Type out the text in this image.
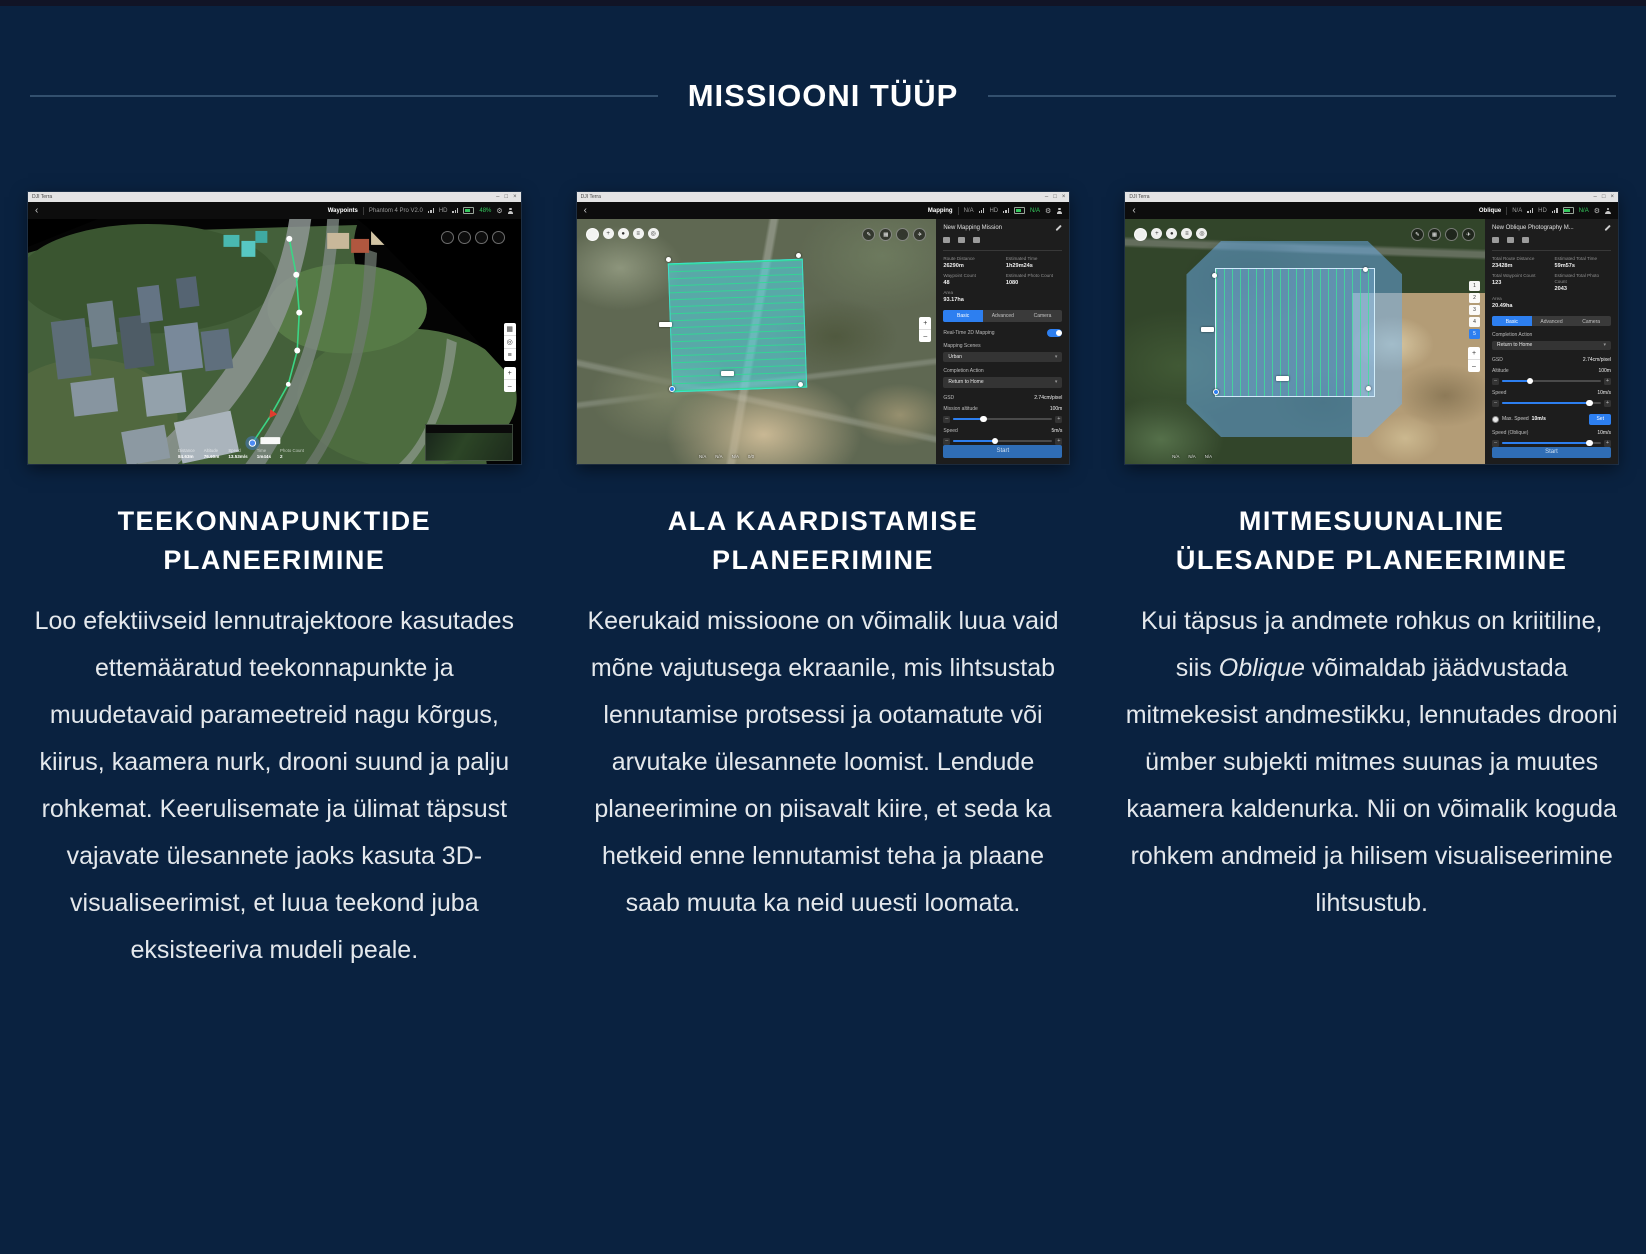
MISSIOONI TÜÜP
DJI Terra	– □ ×
‹	Waypoints Phantom 4 Pro V2.0	HD	48% ⚙
▦
◎
≡
+
–
Distance
84.63m
Altitude
76.60m
Speed
13.53m/s
Time
1m44s
Photo Count
2
TEEKONNAPUNKTIDE
PLANEERIMINE
Loo efektiivseid lennutrajektoore kasutades ettemääratud teekonnapunkte ja muudetavaid parameetreid nagu kõrgus, kiirus, kaamera nurk, drooni suund ja palju rohkemat. Keerulisemate ja ülimat täpsust vajavate ülesannete jaoks kasuta 3D-visualiseerimist, et luua teekond juba eksisteeriva mudeli peale.
DJI Terra	– □ ×
‹	Mapping N/A	HD	N/A ⚙
+	●	≡	◎	✎	▦	✈
+
–
N/A N/A N/A 0/0
New Mapping Mission
Route Distance
26290m
Estimated Time
1h29m24s
Waypoint Count
48
Estimated Photo Count
1080
Area
93.17ha
Basic	Advanced	Camera
Real-Time 2D Mapping
Mapping Scenes
Urban	▾
Completion Action
Return to Home	▾
GSD	2.74cm/pixel
Mission altitude	100m
–	+
Speed	5m/s
–	+
Start
ALA KAARDISTAMISE
PLANEERIMINE
Keerukaid missioone on võimalik luua vaid mõne vajutusega ekraanile, mis lihtsustab lennutamise protsessi ja ootamatute või arvutake ülesannete loomist. Lendude planeerimine on piisavalt kiire, et seda ka hetkeid enne lennutamist teha ja plaane saab muuta ka neid uuesti loomata.
DJI Terra	– □ ×
‹	Oblique N/A	HD	N/A ⚙
+	●	≡	◎	✎	▦	✈
1
2
3
4
5
+
–
N/A N/A N/A
New Oblique Photography M...
Total Route Distance
23428m
Estimated Total Time
59m57s
Total Waypoint Count
123
Estimated Total Photo Count
2043
Area
20.49ha
Basic	Advanced	Camera
Completion Action
Return to Home	▾
GSD	2.74cm/pixel
Altitude	100m
–	+
Speed	10m/s
–	+
Max. Speed 10m/s	Set
Speed (Oblique)	10m/s
–	+
Start
MITMESUUNALINE
ÜLESANDE PLANEERIMINE
Kui täpsus ja andmete rohkus on kriitiline, siis Oblique võimaldab jäädvustada mitmekesist andmestikku, lennutades drooni ümber subjekti mitmes suunas ja muutes kaamera kaldenurka. Nii on võimalik koguda rohkem andmeid ja hilisem visualiseerimine lihtsustub.
